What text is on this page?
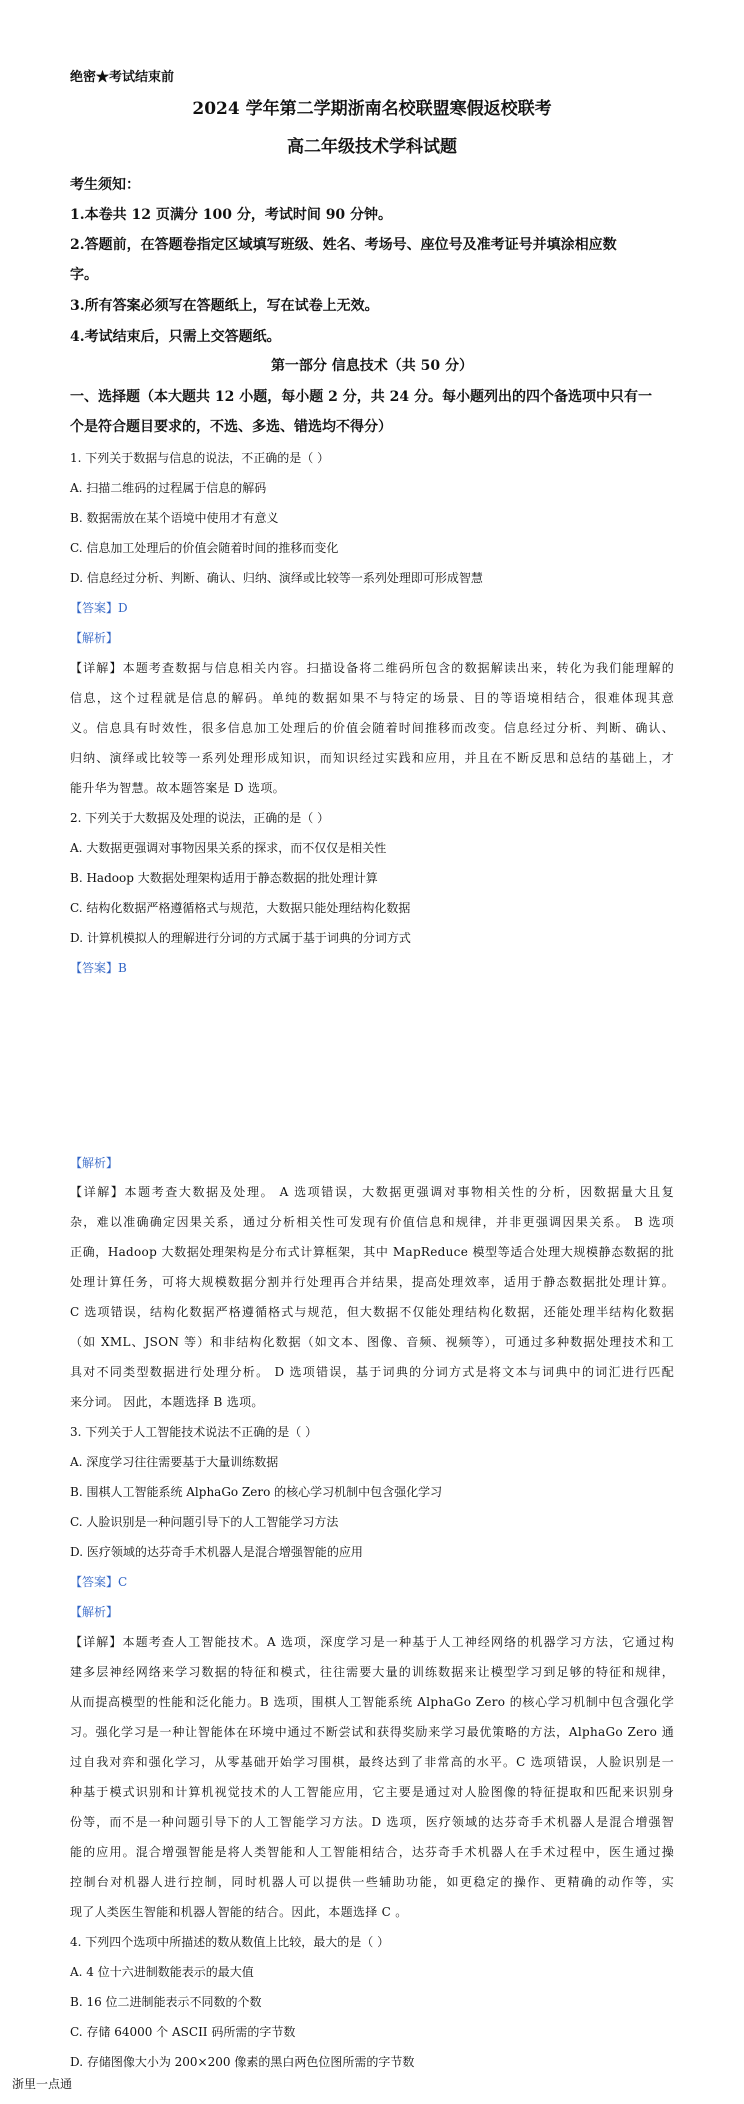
绝密★考试结束前
2024 学年第二学期浙南名校联盟寒假返校联考
高二年级技术学科试题
考生须知：
1.本卷共 12 页满分 100 分，考试时间 90 分钟。
2.答题前，在答题卷指定区域填写班级、姓名、考场号、座位号及准考证号并填涂相应数
字。
3.所有答案必须写在答题纸上，写在试卷上无效。
4.考试结束后，只需上交答题纸。
第一部分 信息技术（共 50 分）
一、选择题（本大题共 12 小题，每小题 2 分，共 24 分。每小题列出的四个备选项中只有一
个是符合题目要求的，不选、多选、错选均不得分）
1. 下列关于数据与信息的说法，不正确的是（ ）
A. 扫描二维码的过程属于信息的解码
B. 数据需放在某个语境中使用才有意义
C. 信息加工处理后的价值会随着时间的推移而变化
D. 信息经过分析、判断、确认、归纳、演绎或比较等一系列处理即可形成智慧
【答案】D
【解析】
【详解】本题考查数据与信息相关内容。扫描设备将二维码所包含的数据解读出来，转化为我们能理解的
信息，这个过程就是信息的解码。单纯的数据如果不与特定的场景、目的等语境相结合，很难体现其意
义。信息具有时效性，很多信息加工处理后的价值会随着时间推移而改变。信息经过分析、判断、确认、
归纳、演绎或比较等一系列处理形成知识，而知识经过实践和应用，并且在不断反思和总结的基础上，才
能升华为智慧。故本题答案是 D 选项。
2. 下列关于大数据及处理的说法，正确的是（ ）
A. 大数据更强调对事物因果关系的探求，而不仅仅是相关性
B. Hadoop 大数据处理架构适用于静态数据的批处理计算
C. 结构化数据严格遵循格式与规范，大数据只能处理结构化数据
D. 计算机模拟人的理解进行分词的方式属于基于词典的分词方式
【答案】B
【解析】
【详解】本题考查大数据及处理。 A 选项错误，大数据更强调对事物相关性的分析，因数据量大且复
杂，难以准确确定因果关系，通过分析相关性可发现有价值信息和规律，并非更强调因果关系。 B 选项
正确，Hadoop 大数据处理架构是分布式计算框架，其中 MapReduce 模型等适合处理大规模静态数据的批
处理计算任务，可将大规模数据分割并行处理再合并结果，提高处理效率，适用于静态数据批处理计算。
C 选项错误，结构化数据严格遵循格式与规范，但大数据不仅能处理结构化数据，还能处理半结构化数据
（如 XML、JSON 等）和非结构化数据（如文本、图像、音频、视频等），可通过多种数据处理技术和工
具对不同类型数据进行处理分析。 D 选项错误，基于词典的分词方式是将文本与词典中的词汇进行匹配
来分词。 因此，本题选择 B 选项。
3. 下列关于人工智能技术说法不正确的是（ ）
A. 深度学习往往需要基于大量训练数据
B. 围棋人工智能系统 AlphaGo Zero 的核心学习机制中包含强化学习
C. 人脸识别是一种问题引导下的人工智能学习方法
D. 医疗领域的达芬奇手术机器人是混合增强智能的应用
【答案】C
【解析】
【详解】本题考查人工智能技术。A 选项，深度学习是一种基于人工神经网络的机器学习方法，它通过构
建多层神经网络来学习数据的特征和模式，往往需要大量的训练数据来让模型学习到足够的特征和规律，
从而提高模型的性能和泛化能力。B 选项，围棋人工智能系统 AlphaGo Zero 的核心学习机制中包含强化学
习。强化学习是一种让智能体在环境中通过不断尝试和获得奖励来学习最优策略的方法，AlphaGo Zero 通
过自我对弈和强化学习，从零基础开始学习围棋，最终达到了非常高的水平。C 选项错误，人脸识别是一
种基于模式识别和计算机视觉技术的人工智能应用，它主要是通过对人脸图像的特征提取和匹配来识别身
份等，而不是一种问题引导下的人工智能学习方法。D 选项，医疗领域的达芬奇手术机器人是混合增强智
能的应用。混合增强智能是将人类智能和人工智能相结合，达芬奇手术机器人在手术过程中，医生通过操
控制台对机器人进行控制，同时机器人可以提供一些辅助功能，如更稳定的操作、更精确的动作等，实
现了人类医生智能和机器人智能的结合。因此，本题选择 C 。
4. 下列四个选项中所描述的数从数值上比较，最大的是（ ）
A. 4 位十六进制数能表示的最大值
B. 16 位二进制能表示不同数的个数
C. 存储 64000 个 ASCII 码所需的字节数
D. 存储图像大小为 200×200 像素的黑白两色位图所需的字节数
浙里一点通
